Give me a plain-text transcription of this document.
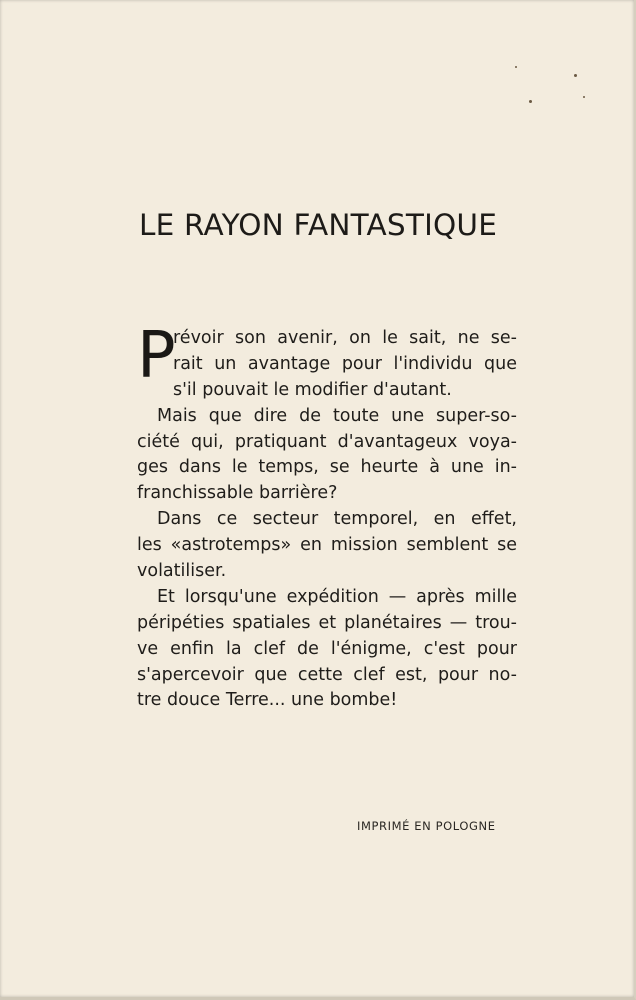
LE RAYON FANTASTIQUE
P
révoir son avenir, on le sait, ne se-
rait un avantage pour l'individu que
s'il pouvait le modifier d'autant.
Mais que dire de toute une super-so-
ciété qui, pratiquant d'avantageux voya-
ges dans le temps, se heurte à une in-
franchissable barrière?
Dans ce secteur temporel, en effet,
les «astrotemps» en mission semblent se
volatiliser.
Et lorsqu'une expédition — après mille
péripéties spatiales et planétaires — trou-
ve enfin la clef de l'énigme, c'est pour
s'apercevoir que cette clef est, pour no-
tre douce Terre... une bombe!
IMPRIMÉ EN POLOGNE
